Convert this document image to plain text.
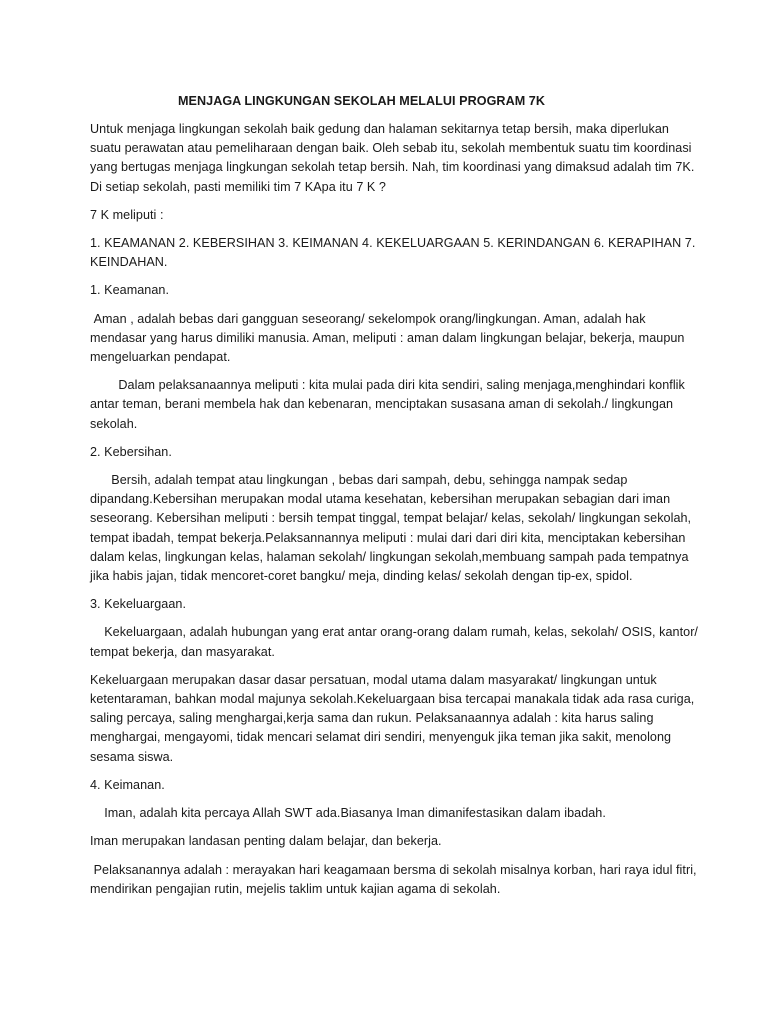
MENJAGA LINGKUNGAN SEKOLAH MELALUI PROGRAM 7K
Untuk menjaga lingkungan sekolah baik gedung dan halaman sekitarnya tetap bersih, maka diperlukan suatu perawatan atau pemeliharaan dengan baik. Oleh sebab itu, sekolah membentuk suatu tim koordinasi yang bertugas menjaga lingkungan sekolah tetap bersih. Nah, tim koordinasi yang dimaksud adalah tim 7K. Di setiap sekolah, pasti memiliki tim 7 KApa itu 7 K ?
7 K meliputi :
1. KEAMANAN 2. KEBERSIHAN 3. KEIMANAN 4. KEKELUARGAAN 5. KERINDANGAN 6. KERAPIHAN 7. KEINDAHAN.
1. Keamanan.
Aman , adalah bebas dari gangguan seseorang/ sekelompok orang/lingkungan. Aman, adalah hak mendasar yang harus dimiliki manusia. Aman, meliputi : aman dalam lingkungan belajar, bekerja, maupun mengeluarkan pendapat.
Dalam pelaksanaannya meliputi : kita mulai pada diri kita sendiri, saling menjaga,menghindari konflik antar teman, berani membela hak dan kebenaran, menciptakan susasana aman di sekolah./ lingkungan sekolah.
2. Kebersihan.
Bersih, adalah tempat atau lingkungan , bebas dari sampah, debu, sehingga nampak sedap dipandang.Kebersihan merupakan modal utama kesehatan, kebersihan merupakan sebagian dari iman seseorang. Kebersihan meliputi : bersih tempat tinggal, tempat belajar/ kelas, sekolah/ lingkungan sekolah, tempat ibadah, tempat bekerja.Pelaksannannya meliputi : mulai dari dari diri kita, menciptakan kebersihan dalam kelas, lingkungan kelas, halaman sekolah/ lingkungan sekolah,membuang sampah pada tempatnya jika habis jajan, tidak mencoret-coret bangku/ meja, dinding kelas/ sekolah dengan tip-ex, spidol.
3. Kekeluargaan.
Kekeluargaan, adalah hubungan yang erat antar orang-orang dalam rumah, kelas, sekolah/ OSIS, kantor/ tempat bekerja, dan masyarakat.
Kekeluargaan merupakan dasar dasar persatuan, modal utama dalam masyarakat/ lingkungan untuk ketentaraman, bahkan modal majunya sekolah.Kekeluargaan bisa tercapai manakala tidak ada rasa curiga, saling percaya, saling menghargai,kerja sama dan rukun. Pelaksanaannya adalah : kita harus saling menghargai, mengayomi, tidak mencari selamat diri sendiri, menyenguk jika teman jika sakit, menolong sesama siswa.
4. Keimanan.
Iman, adalah kita percaya Allah SWT ada.Biasanya Iman dimanifestasikan dalam ibadah.
Iman merupakan landasan penting dalam belajar, dan bekerja.
Pelaksanannya adalah : merayakan hari keagamaan bersma di sekolah misalnya korban, hari raya idul fitri, mendirikan pengajian rutin, mejelis taklim untuk kajian agama di sekolah.
